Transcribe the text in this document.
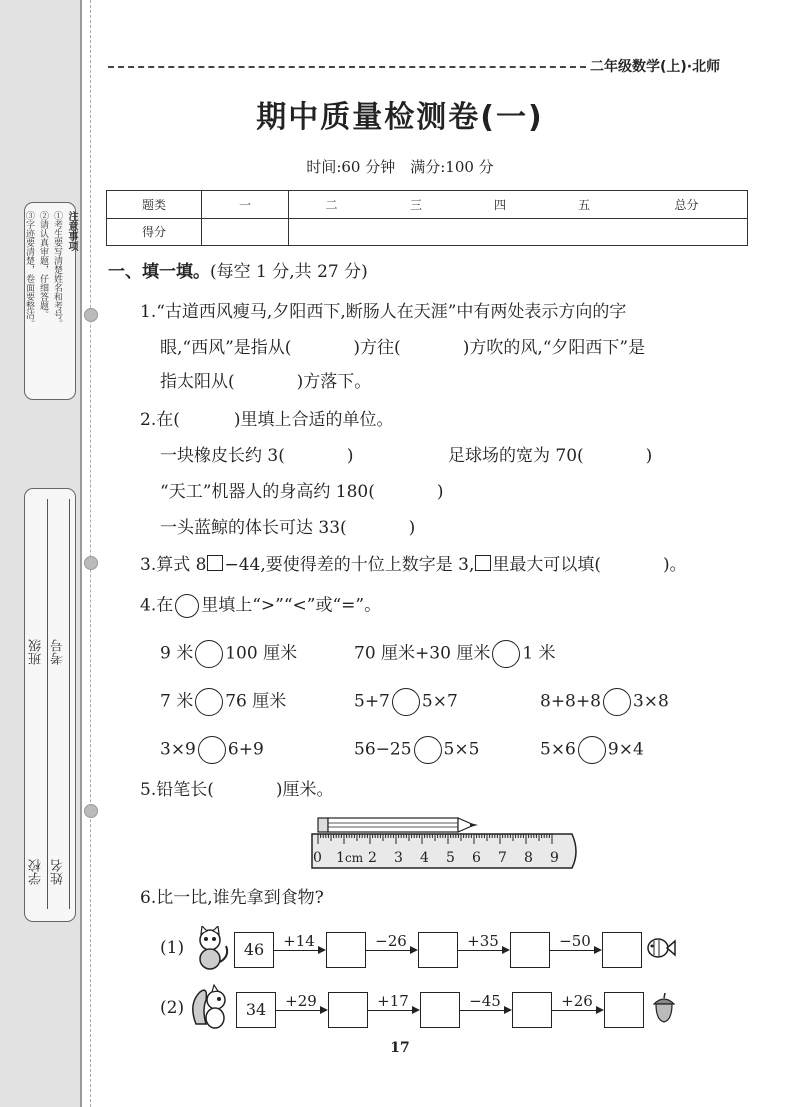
注意事项
①考生要写清楚姓名和考号。
②请认真审题，仔细答题。
③字迹要清楚，卷面要整洁。
班级 考号
学校 姓名
二年级数学(上)·北师
期中质量检测卷(一)
时间:60 分钟　满分:100 分
题类	一	二	三	四	五	总分
得分						
一、填一填。(每空 1 分,共 27 分)
1.“古道西风瘦马,夕阳西下,断肠人在天涯”中有两处表示方向的字
眼,“西风”是指从(	)方往(	)方吹的风,“夕阳西下”是
指太阳从(	)方落下。
2.在(	)里填上合适的单位。
一块橡皮长约 3(	)	足球场的宽为 70(	)
“天工”机器人的身高约 180(	)
一头蓝鲸的体长可达 33(	)
3.算式 8 −44,要使得差的十位上数字是 3, 里最大可以填(	)。
4.在 里填上“>”“<”或“=”。
9 米 100 厘米	70 厘米+30 厘米 1 米
7 米 76 厘米	5+7 5×7	8+8+8 3×8
3×9 6+9	56−25 5×5	5×6 9×4
5.铅笔长(	)厘米。
0 1 cm 2 3 4 5 6 7 8 9
6.比一比,谁先拿到食物?
(1)	46	+14	−26	+35	−50
(2)	34	+29	+17	−45	+26
17
